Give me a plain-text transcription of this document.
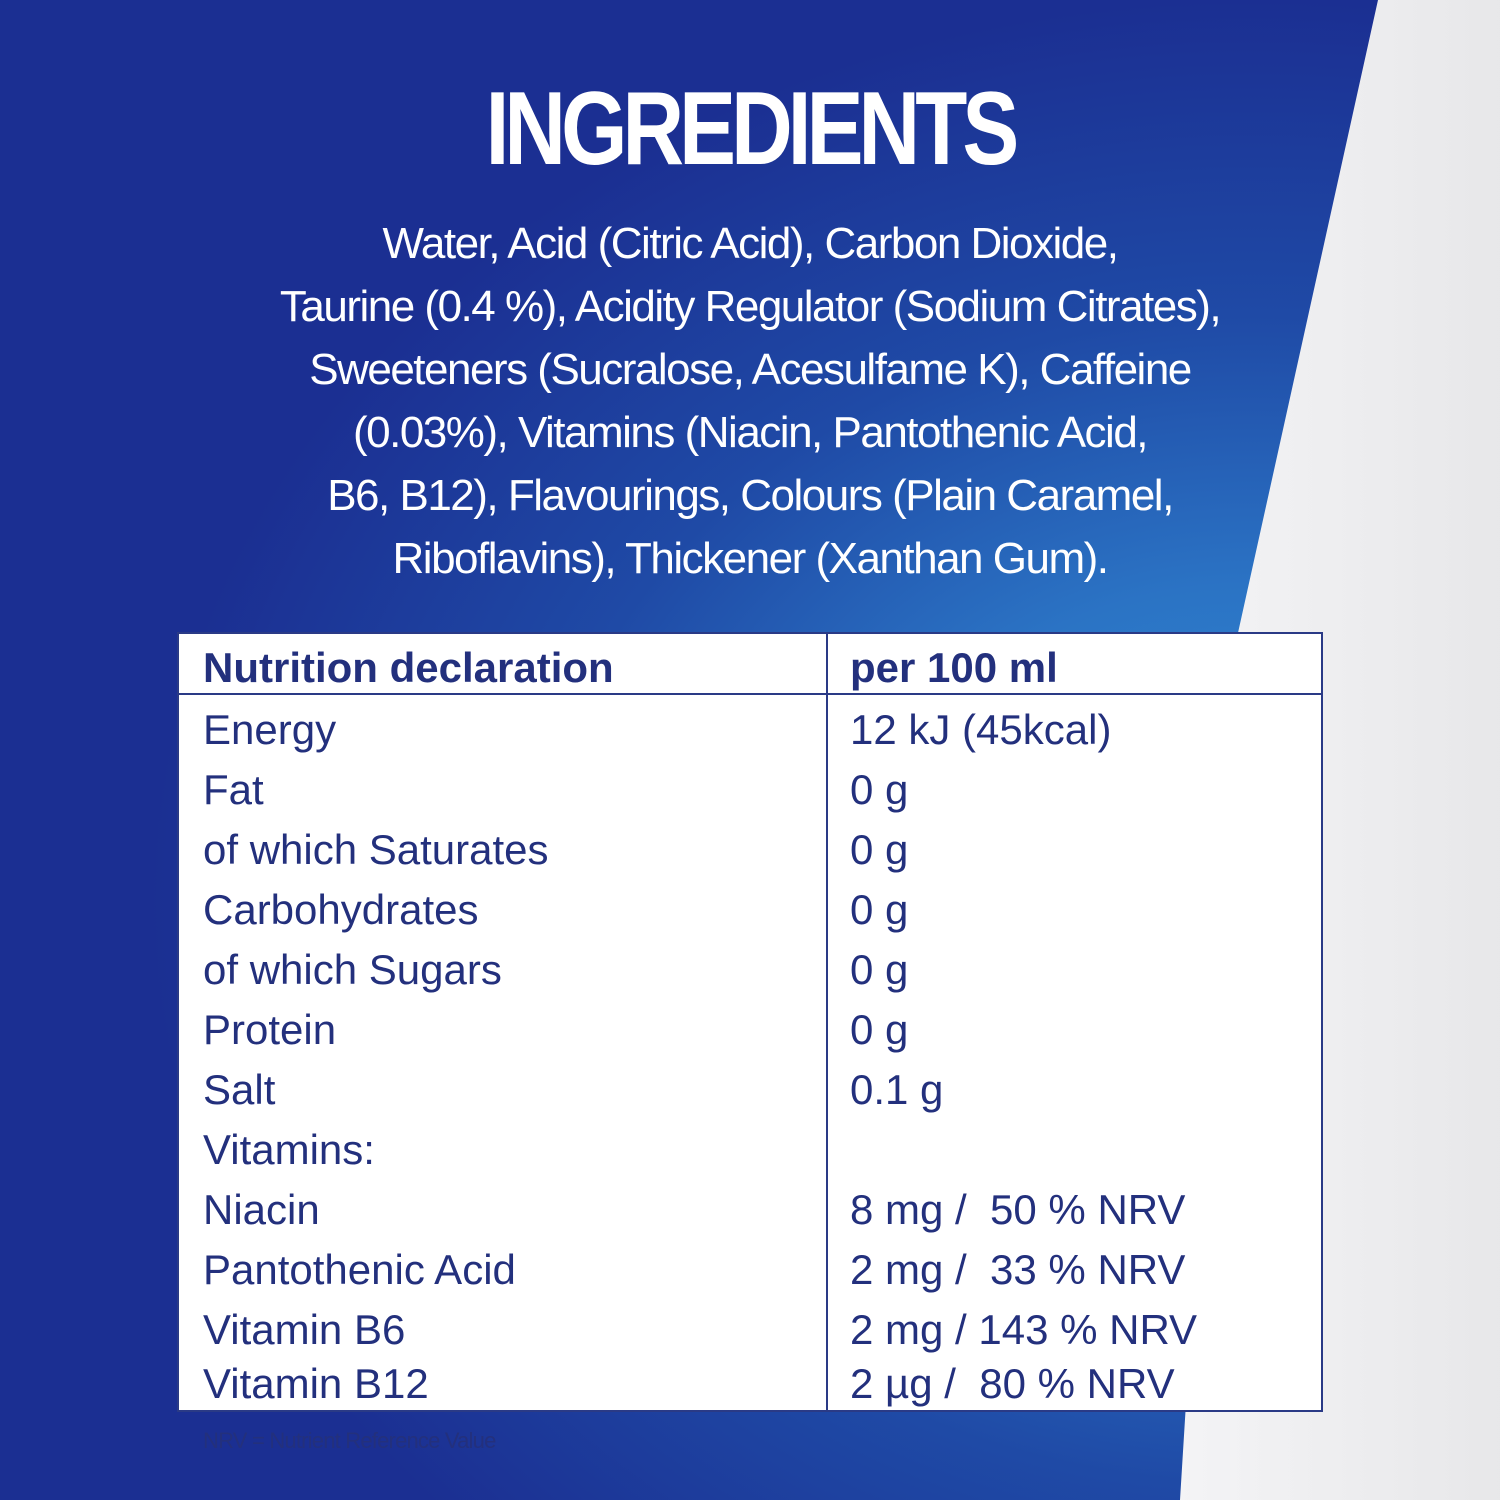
INGREDIENTS

Water, Acid (Citric Acid), Carbon Dioxide,
Taurine (0.4 %), Acidity Regulator (Sodium Citrates),
Sweeteners (Sucralose, Acesulfame K), Caffeine
(0.03%), Vitamins (Niacin, Pantothenic Acid,
B6, B12), Flavourings, Colours (Plain Caramel,
Riboflavins), Thickener (Xanthan Gum).

Nutrition declaration	per 100 ml
Energy	12 kJ (45kcal)
Fat	0 g
of which Saturates	0 g
Carbohydrates	0 g
of which Sugars	0 g
Protein	0 g
Salt	0.1 g
Vitamins:
Niacin	8 mg /  50 % NRV
Pantothenic Acid	2 mg /  33 % NRV
Vitamin B6	2 mg / 143 % NRV
Vitamin B12	2 µg /  80 % NRV
NRV = Nutrient Reference Value
